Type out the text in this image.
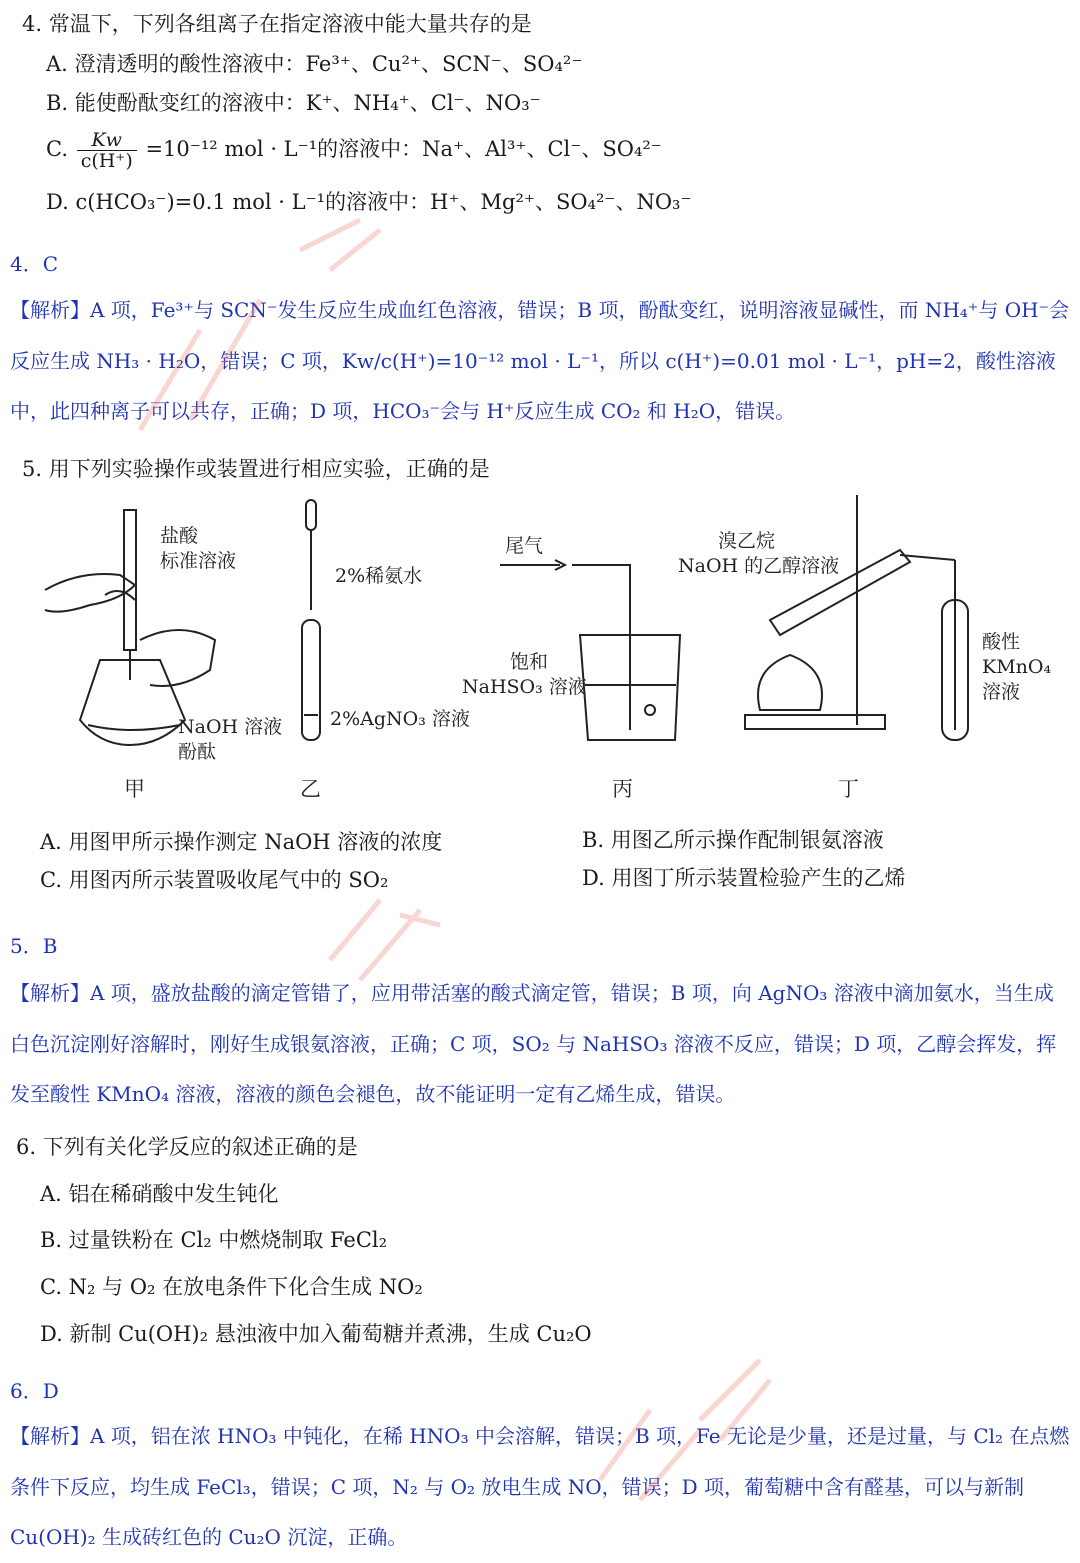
4. 常温下，下列各组离子在指定溶液中能大量共存的是
A. 澄清透明的酸性溶液中：Fe³⁺、Cu²⁺、SCN⁻、SO₄²⁻
B. 能使酚酞变红的溶液中：K⁺、NH₄⁺、Cl⁻、NO₃⁻
C. $\frac{Kw}{c(H^+)} =10^{-12}$ mol · L⁻¹的溶液中：Na⁺、Al³⁺、Cl⁻、SO₄²⁻
D. c(HCO₃⁻)=0.1 mol · L⁻¹的溶液中：H⁺、Mg²⁺、SO₄²⁻、NO₃⁻
4．C
【解析】A 项，Fe³⁺与 SCN⁻发生反应生成血红色溶液，错误；B 项，酚酞变红，说明溶液显碱性，而 NH₄⁺与 OH⁻会反应生成 NH₃ · H₂O，错误；C 项，Kw/c(H⁺)=10⁻¹² mol · L⁻¹，所以 c(H⁺)=0.01 mol · L⁻¹，pH=2，酸性溶液中，此四种离子可以共存，正确；D 项，HCO₃⁻会与 H⁺反应生成 CO₂ 和 H₂O，错误。
5. 用下列实验操作或装置进行相应实验，正确的是
盐酸
标准溶液
NaOH 溶液
酚酞
2%稀氨水
2%AgNO₃ 溶液
尾气
饱和
NaHSO₃ 溶液
溴乙烷
NaOH 的乙醇溶液
酸性
KMnO₄
溶液
甲	乙	丙	丁
A. 用图甲所示操作测定 NaOH 溶液的浓度	B. 用图乙所示操作配制银氨溶液
C. 用图丙所示装置吸收尾气中的 SO₂	D. 用图丁所示装置检验产生的乙烯
5．B
【解析】A 项，盛放盐酸的滴定管错了，应用带活塞的酸式滴定管，错误；B 项，向 AgNO₃ 溶液中滴加氨水，当生成白色沉淀刚好溶解时，刚好生成银氨溶液，正确；C 项，SO₂ 与 NaHSO₃ 溶液不反应，错误；D 项，乙醇会挥发，挥发至酸性 KMnO₄ 溶液，溶液的颜色会褪色，故不能证明一定有乙烯生成，错误。
6. 下列有关化学反应的叙述正确的是
A. 铝在稀硝酸中发生钝化
B. 过量铁粉在 Cl₂ 中燃烧制取 FeCl₂
C. N₂ 与 O₂ 在放电条件下化合生成 NO₂
D. 新制 Cu(OH)₂ 悬浊液中加入葡萄糖并煮沸，生成 Cu₂O
6．D
【解析】A 项，铝在浓 HNO₃ 中钝化，在稀 HNO₃ 中会溶解，错误；B 项，Fe 无论是少量，还是过量，与 Cl₂ 在点燃条件下反应，均生成 FeCl₃，错误；C 项，N₂ 与 O₂ 放电生成 NO，错误；D 项，葡萄糖中含有醛基，可以与新制 Cu(OH)₂ 生成砖红色的 Cu₂O 沉淀，正确。
